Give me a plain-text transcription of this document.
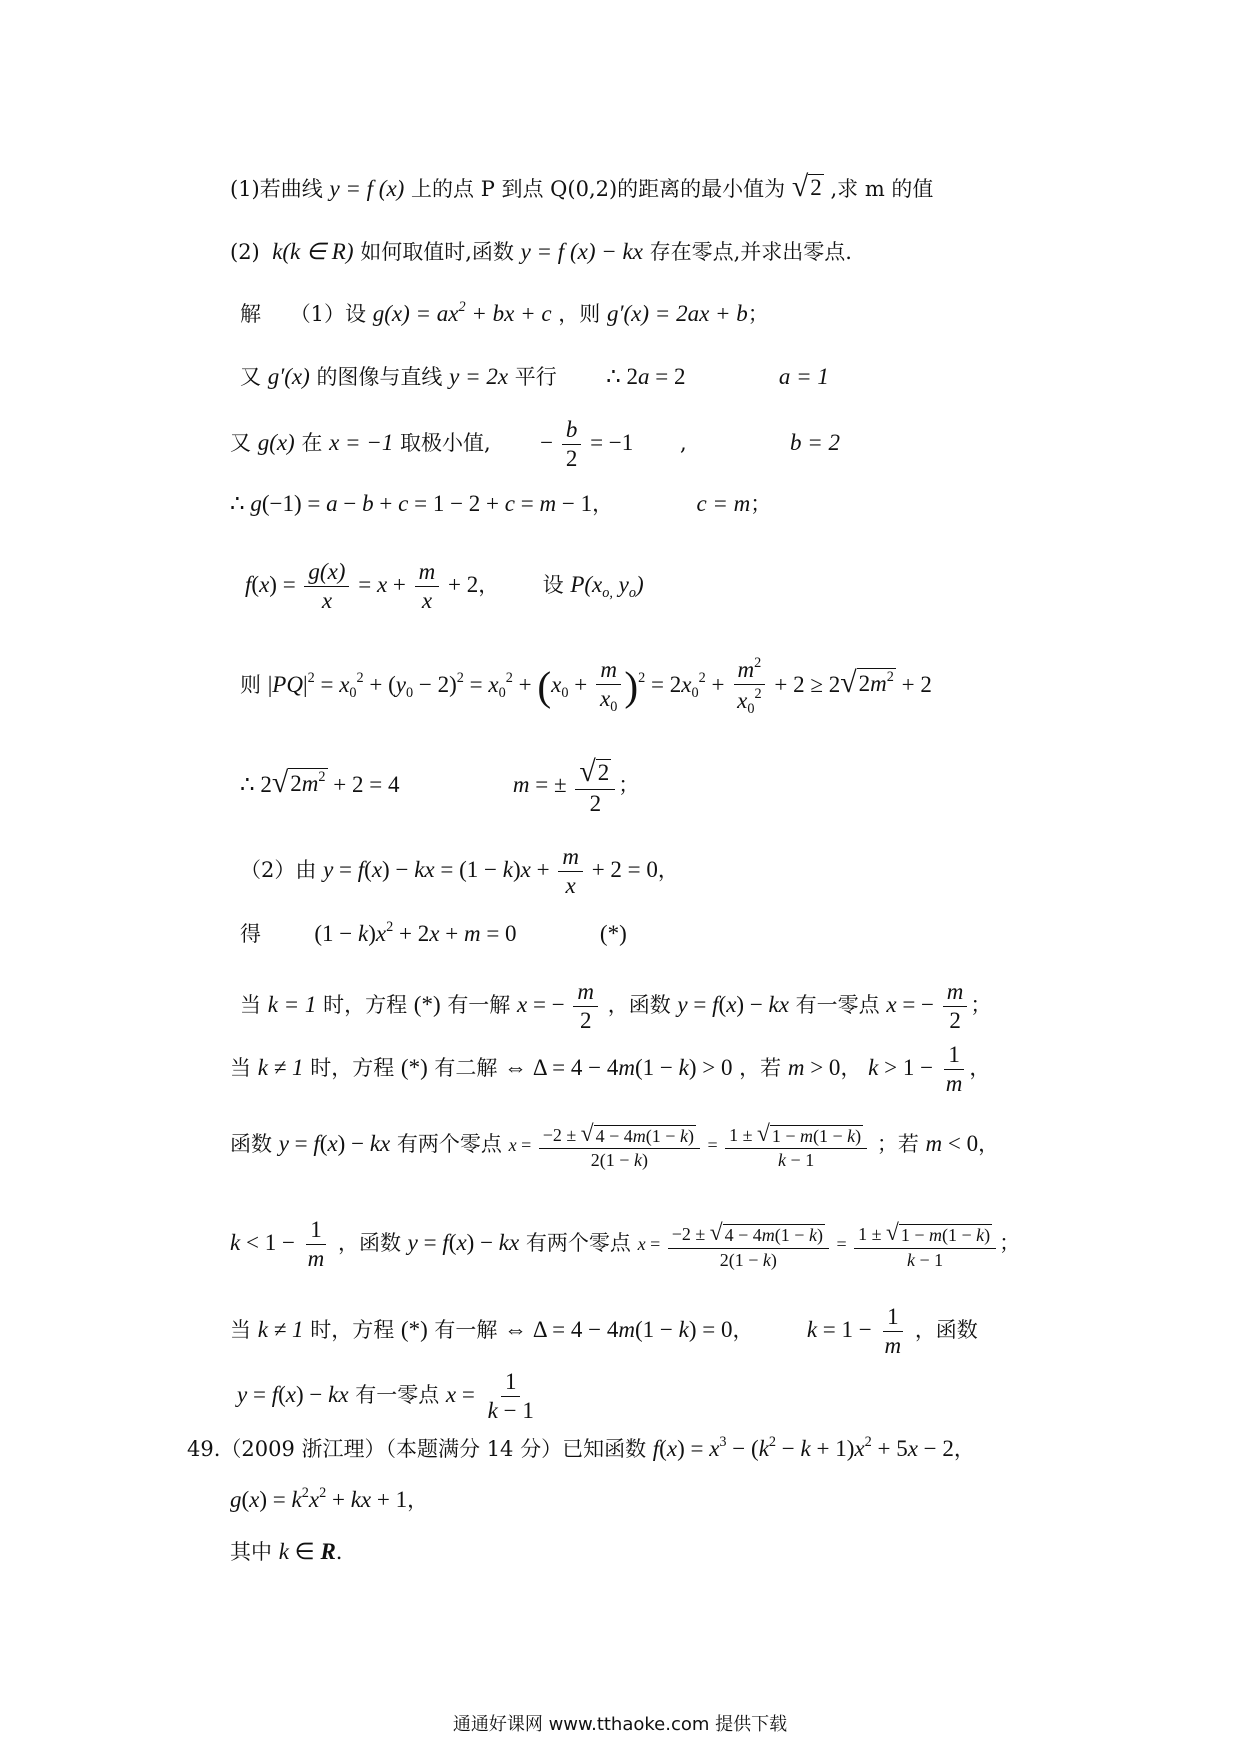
(1)若曲线 y = f (x) 上的点 P 到点 Q(0,2)的距离的最小值为 √ 2 ,求 m 的值
(2)  k(k ∈ R) 如何取值时,函数 y = f (x) − kx 存在零点,并求出零点.
解 （1）设 $g(x) = ax^2$ + bx + c ，则 g′(x) = 2ax + b；
又 g′(x) 的图像与直线 y = 2x 平行 ∴ 2a = 2	a = 1
又 g(x) 在 x = −1 取极小值, − $\frac{b}{2} = -1$ ,	b = 2
∴ g(−1) = a − b + c = 1 − 2 + c = m − 1，	c = m；
$f(x) = \frac{g(x)}{x} = x + \frac{m}{x} + 2$，  设 $P(x_{o,}$ $y_o$)
则 $|PQ|^2 = x_0^2 + (y_0 - 2)^2 = x_0^2 + (x_0 + \frac{m}{x_0} )^2 = 2x_0^2 + \frac{m^2}{x_0^2} + 2 \ge 2$ √ $2m^2 + 2$
∴ 2 √ $2m^2 + 2 = 4$	m = ± $\frac{√ 2}{2}$ ；
（2）由 y = f(x) − kx = $(1 - k)x + \frac{m}{x} + 2 = 0$，
得 $(1 - k)x^2 + 2x + m = 0$	(*)
当 k = 1 时，方程 (*) 有一解 x = − $\frac{m}{2}$ ，函数 y = f(x) − kx 有一零点 x = − $\frac{m}{2}$ ；
当 k ≠ 1 时，方程 (*) 有二解 ⇔ Δ = 4 − 4m(1 − k) > 0 ，若 m > 0， $k > 1 - \frac{1}{m}$ ，
函数 y = f(x) − kx 有两个零点 $x = \frac{-2 \pm √ 4 - 4m(1 - k)}{2(1 - k)} = \frac{1 \pm √ 1 - m(1 - k)}{k - 1}$ ；若 m < 0，
$k < 1 - \frac{1}{m}$ ，函数 y = f(x) − kx 有两个零点 $x = \frac{-2 \pm √ 4 - 4m(1 - k)}{2(1 - k)} = \frac{1 \pm √ 1 - m(1 - k)}{k - 1}$ ；
当 k ≠ 1 时，方程 (*) 有一解 ⇔ Δ = 4 − 4m(1 − k) = 0，  $k = 1 - \frac{1}{m}$ ，函数
y = f(x) − kx 有一零点 $x = \frac{1}{k - 1}$
49.（2009 浙江理）（本题满分 14 分）已知函数 $f(x) = x^3 - (k^2 - k + 1)x^2 + 5x - 2$，
$g(x) = k^2x^2$ + kx + 1，
其中 k ∈ R.
通通好课网 www.tthaoke.com 提供下载
